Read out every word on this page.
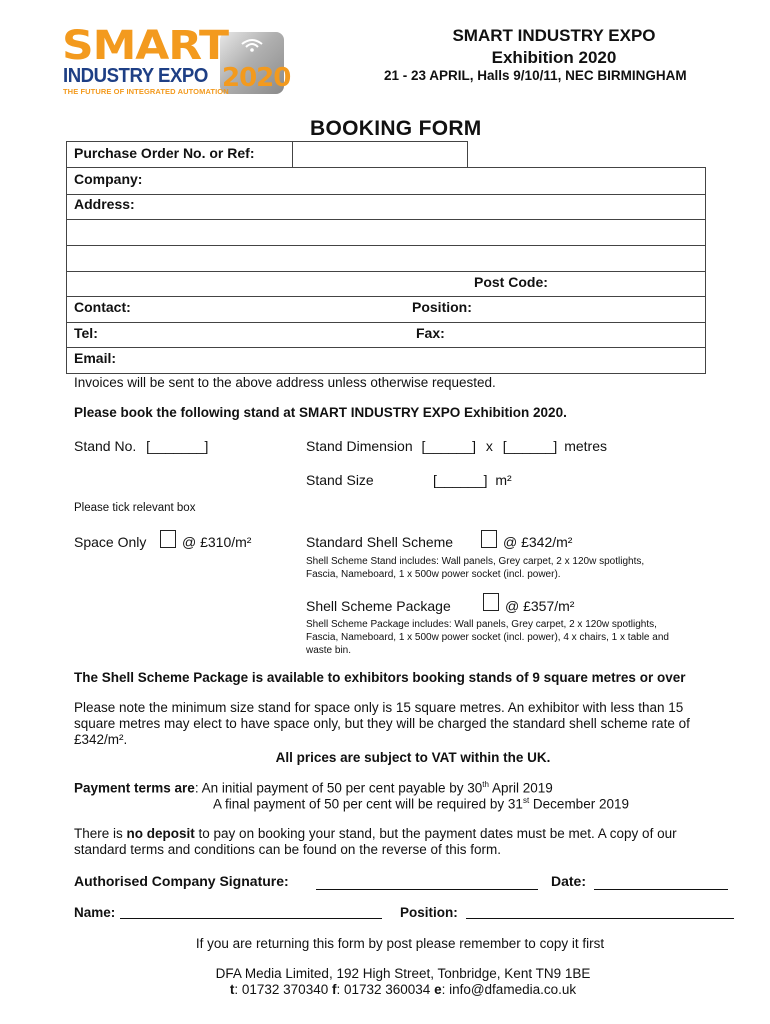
SMART
INDUSTRY EXPO 2020
THE FUTURE OF INTEGRATED AUTOMATION
SMART INDUSTRY EXPO
Exhibition 2020
21 - 23 APRIL, Halls 9/10/11, NEC BIRMINGHAM
BOOKING FORM
Purchase Order No. or Ref:
Company:
Address:
Post Code:
Contact:	Position:
Tel:	Fax:
Email:
Invoices will be sent to the above address unless otherwise requested.
Please book the following stand at SMART INDUSTRY EXPO Exhibition 2020.
Stand No. [_______]	Stand Dimension [______] x [______] metres
Stand Size	[______] m²
Please tick relevant box
Space Only	@ £310/m²	Standard Shell Scheme	@ £342/m²
Shell Scheme Stand includes: Wall panels, Grey carpet, 2 x 120w spotlights,
Fascia, Nameboard, 1 x 500w power socket (incl. power).
Shell Scheme Package	@ £357/m²
Shell Scheme Package includes: Wall panels, Grey carpet, 2 x 120w spotlights,
Fascia, Nameboard, 1 x 500w power socket (incl. power), 4 x chairs, 1 x table and
waste bin.
The Shell Scheme Package is available to exhibitors booking stands of 9 square metres or over
Please note the minimum size stand for space only is 15 square metres. An exhibitor with less than 15
square metres may elect to have space only, but they will be charged the standard shell scheme rate of
£342/m².
All prices are subject to VAT within the UK.
Payment terms are: An initial payment of 50 per cent payable by 30th April 2019
A final payment of 50 per cent will be required by 31st December 2019
There is no deposit to pay on booking your stand, but the payment dates must be met. A copy of our
standard terms and conditions can be found on the reverse of this form.
Authorised Company Signature:	Date:
Name:	Position:
If you are returning this form by post please remember to copy it first
DFA Media Limited, 192 High Street, Tonbridge, Kent TN9 1BE
t: 01732 370340 f: 01732 360034 e: info@dfamedia.co.uk
